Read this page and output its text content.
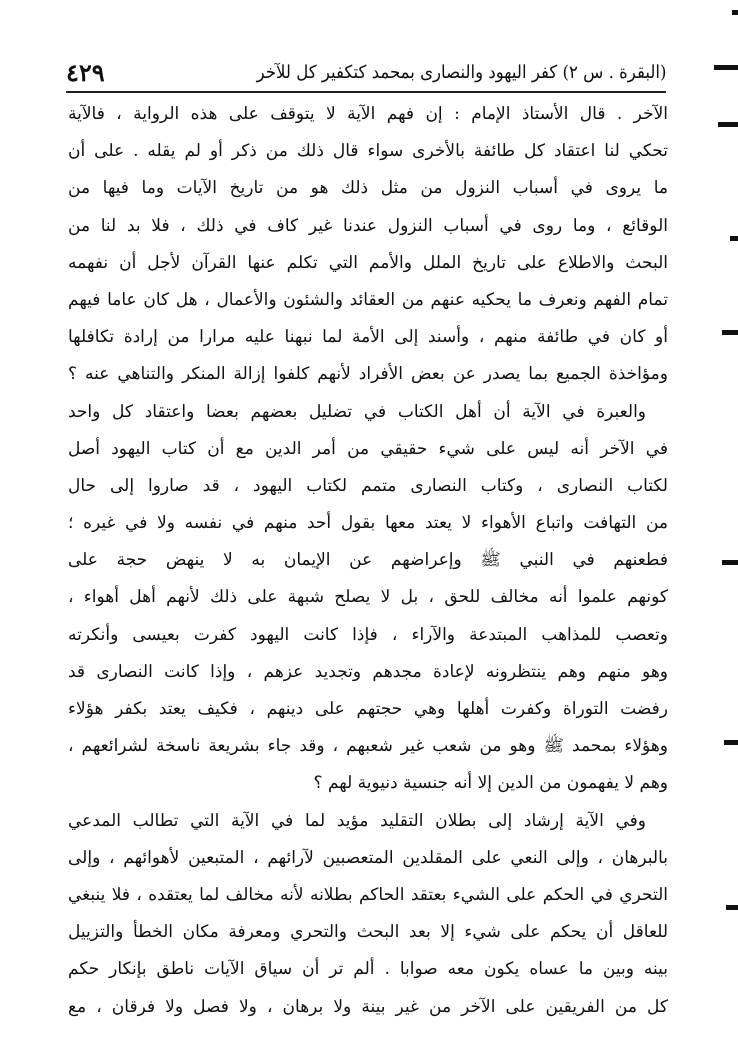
(البقرة . س ٢) كفر اليهود والنصارى بمحمد كتكفير كل للآخر
٤٢٩
الآخر . قال الأستاذ الإمام : إن فهم الآية لا يتوقف على هذه الرواية ، فالآية
تحكي لنا اعتقاد كل طائفة بالأخرى سواء قال ذلك من ذكر أو لم يقله . على أن
ما يروى في أسباب النزول من مثل ذلك هو من تاريخ الآيات وما فيها من
الوقائع ، وما روى في أسباب النزول عندنا غير كاف في ذلك ، فلا بد لنا من
البحث والاطلاع على تاريخ الملل والأمم التي تكلم عنها القرآن لأجل أن نفهمه
تمام الفهم ونعرف ما يحكيه عنهم من العقائد والشئون والأعمال ، هل كان عاما فيهم
أو كان في طائفة منهم ، وأسند إلى الأمة لما نبهنا عليه مرارا من إرادة تكافلها
ومؤاخذة الجميع بما يصدر عن بعض الأفراد لأنهم كلفوا إزالة المنكر والتناهي عنه ؟
والعبرة في الآية أن أهل الكتاب في تضليل بعضهم بعضا واعتقاد كل واحد
في الآخر أنه ليس على شيء حقيقي من أمر الدين مع أن كتاب اليهود أصل
لكتاب النصارى ، وكتاب النصارى متمم لكتاب اليهود ، قد صاروا إلى حال
من التهافت واتباع الأهواء لا يعتد معها بقول أحد منهم في نفسه ولا في غيره ؛
فطعنهم في النبي ﷺ وإعراضهم عن الإيمان به لا ينهض حجة على
كونهم علموا أنه مخالف للحق ، بل لا يصلح شبهة على ذلك لأنهم أهل أهواء ،
وتعصب للمذاهب المبتدعة والآراء ، فإذا كانت اليهود كفرت بعيسى وأنكرته
وهو منهم وهم ينتظرونه لإعادة مجدهم وتجديد عزهم ، وإذا كانت النصارى قد
رفضت التوراة وكفرت أهلها وهي حجتهم على دينهم ، فكيف يعتد بكفر هؤلاء
وهؤلاء بمحمد ﷺ وهو من شعب غير شعبهم ، وقد جاء بشريعة ناسخة لشرائعهم ،
وهم لا يفهمون من الدين إلا أنه جنسية دنيوية لهم ؟
وفي الآية إرشاد إلى بطلان التقليد مؤيد لما في الآية التي تطالب المدعي
بالبرهان ، وإلى النعي على المقلدين المتعصبين لآرائهم ، المتبعين لأهوائهم ، وإلى
التحري في الحكم على الشيء بعتقد الحاكم بطلانه لأنه مخالف لما يعتقده ، فلا ينبغي
للعاقل أن يحكم على شيء إلا بعد البحث والتحري ومعرفة مكان الخطأ والتزييل
بينه وبين ما عساه يكون معه صوابا . ألم تر أن سياق الآيات ناطق بإنكار حكم
كل من الفريقين على الآخر من غير بينة ولا برهان ، ولا فصل ولا فرقان ، مع
